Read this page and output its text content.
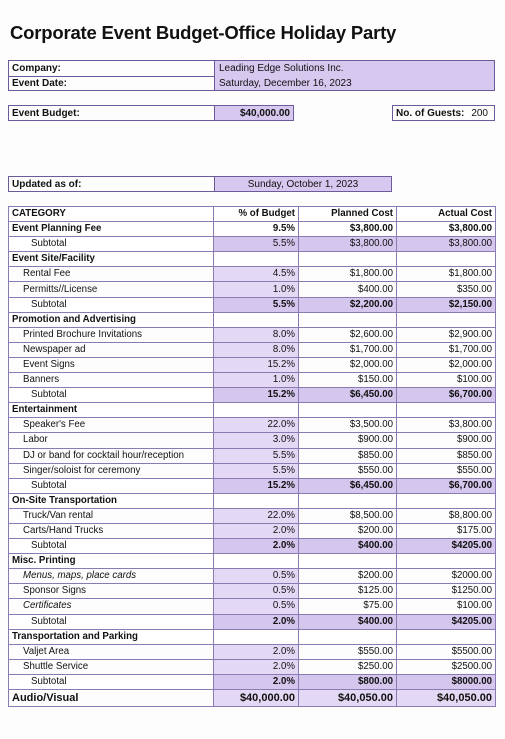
Corporate Event Budget-Office Holiday Party
Company:	Leading Edge Solutions Inc.
Event Date:	Saturday, December 16, 2023
Event Budget:	$40,000.00	No. of Guests: 200
Updated as of:	Sunday, October 1, 2023
CATEGORY	% of Budget	Planned Cost	Actual Cost
Event Planning Fee	9.5%	$3,800.00	$3,800.00
Subtotal	5.5%	$3,800.00	$3,800.00
Event Site/Facility			
Rental Fee	4.5%	$1,800.00	$1,800.00
Permitts//License	1.0%	$400.00	$350.00
Subtotal	5.5%	$2,200.00	$2,150.00
Promotion and Advertising			
Printed Brochure Invitations	8.0%	$2,600.00	$2,900.00
Newspaper ad	8.0%	$1,700.00	$1,700.00
Event Signs	15.2%	$2,000.00	$2,000.00
Banners	1.0%	$150.00	$100.00
Subtotal	15.2%	$6,450.00	$6,700.00
Entertainment			
Speaker's Fee	22.0%	$3,500.00	$3,800.00
Labor	3.0%	$900.00	$900.00
DJ or band for cocktail hour/reception	5.5%	$850.00	$850.00
Singer/soloist for ceremony	5.5%	$550.00	$550.00
Subtotal	15.2%	$6,450.00	$6,700.00
On-Site Transportation			
Truck/Van rental	22.0%	$8,500.00	$8,800.00
Carts/Hand Trucks	2.0%	$200.00	$175.00
Subtotal	2.0%	$400.00	$4205.00
Misc. Printing			
Menus, maps, place cards	0.5%	$200.00	$2000.00
Sponsor Signs	0.5%	$125.00	$1250.00
Certificates	0.5%	$75.00	$100.00
Subtotal	2.0%	$400.00	$4205.00
Transportation and Parking			
Valjet Area	2.0%	$550.00	$5500.00
Shuttle Service	2.0%	$250.00	$2500.00
Subtotal	2.0%	$800.00	$8000.00
Audio/Visual	$40,000.00	$40,050.00	$40,050.00
